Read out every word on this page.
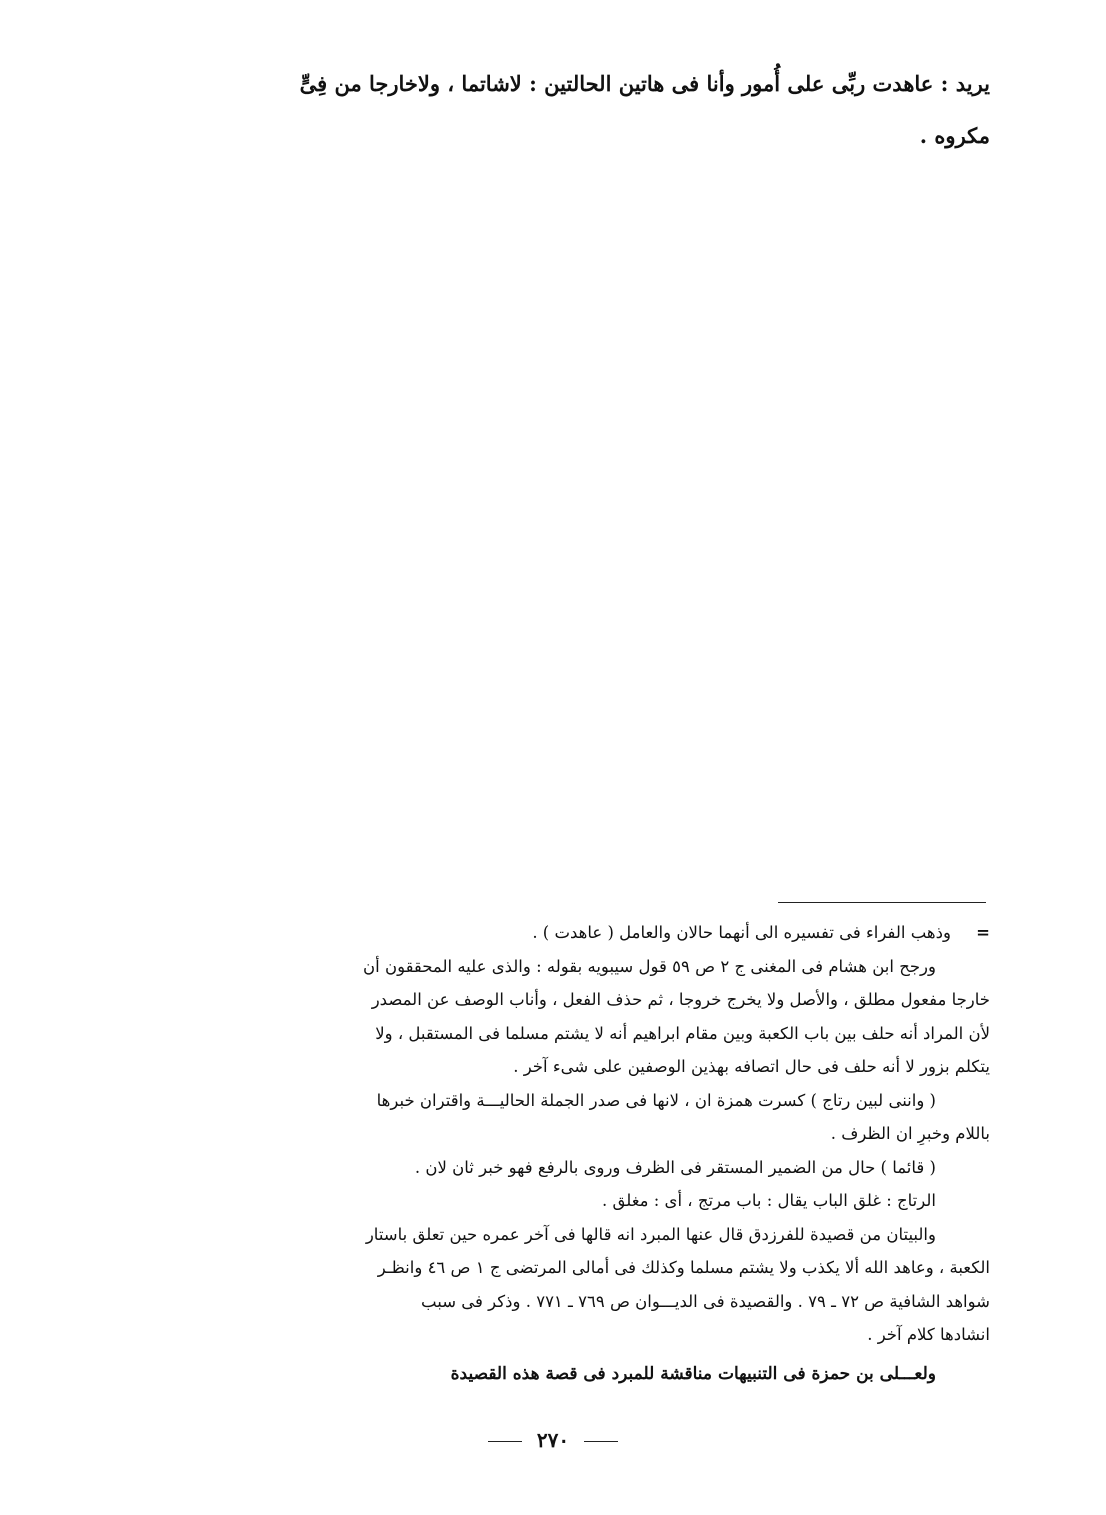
يريد : عاهدت ربِّى على أُمور وأنا فى هاتين الحالتين : لاشاتما ، ولاخارجا من فِىٍّ

مكروه .

= وذهب الفراء فى تفسيره الى أنهما حالان والعامل ( عاهدت ) .

ورجح ابن هشام فى المغنى ج ٢ ص ٥٩ قول سيبويه بقوله : والذى عليه المحققون أن

خارجا مفعول مطلق ، والأصل ولا يخرج خروجا ، ثم حذف الفعل ، وأناب الوصف عن المصدر

لأن المراد أنه حلف بين باب الكعبة وبين مقام ابراهيم أنه لا يشتم مسلما فى المستقبل ، ولا

يتكلم بزور لا أنه حلف فى حال اتصافه بهذين الوصفين على شىء آخر .

( واننى لبين رتاج ) كسرت همزة ان ، لانها فى صدر الجملة الحاليـــة واقتران خبرها

باللام وخبرِ ان الظرف .

( قائما ) حال من الضمير المستقر فى الظرف وروى بالرفع فهو خبر ثان لان .

الرتاج : غلق الباب يقال : باب مرتج ، أى : مغلق .

والبيتان من قصيدة للفرزدق قال عنها المبرد انه قالها فى آخر عمره حين تعلق باستار

الكعبة ، وعاهد الله ألا يكذب ولا يشتم مسلما وكذلك فى أمالى المرتضى ج ١ ص ٤٦ وانظـر

شواهد الشافية ص ٧٢ ـ ٧٩ . والقصيدة فى الديـــوان ص ٧٦٩ ـ ٧٧١ . وذكر فى سبب

انشادها كلام آخر .

ولعـــلى بن حمزة فى التنبيهات مناقشة للمبرد فى قصة هذه القصيدة

٢٧٠
